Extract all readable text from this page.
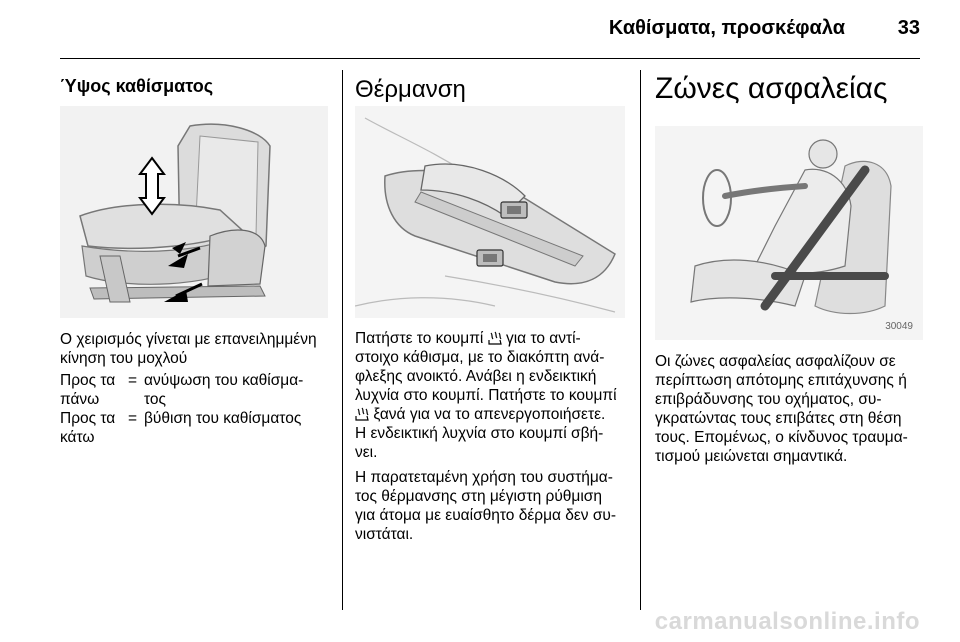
Καθίσματα, προσκέφαλα	33
Ύψος καθίσματος

Ο χειρισμός γίνεται με επανειλημμένη κίνηση του μοχλού

Προς τα
πάνω	=	ανύψωση του καθίσμα-
τος
Προς τα
κάτω	=	βύθιση του καθίσματος
Θέρμανση

Πατήστε το κουμπί για το αντί-
στοιχο κάθισμα, με το διακόπτη ανά-
φλεξης ανοικτό. Ανάβει η ενδεικτική
λυχνία στο κουμπί. Πατήστε το κουμπί
ξανά για να το απενεργοποιήσετε.
Η ενδεικτική λυχνία στο κουμπί σβή-
νει.

Η παρατεταμένη χρήση του συστήμα-
τος θέρμανσης στη μέγιστη ρύθμιση
για άτομα με ευαίσθητο δέρμα δεν συ-
νιστάται.

Ζώνες ασφαλείας
30049

Οι ζώνες ασφαλείας ασφαλίζουν σε
περίπτωση απότομης επιτάχυνσης ή
επιβράδυνσης του οχήματος, συ-
γκρατώντας τους επιβάτες στη θέση
τους. Επομένως, ο κίνδυνος τραυμα-
τισμού μειώνεται σημαντικά.

carmanualsonline.info
